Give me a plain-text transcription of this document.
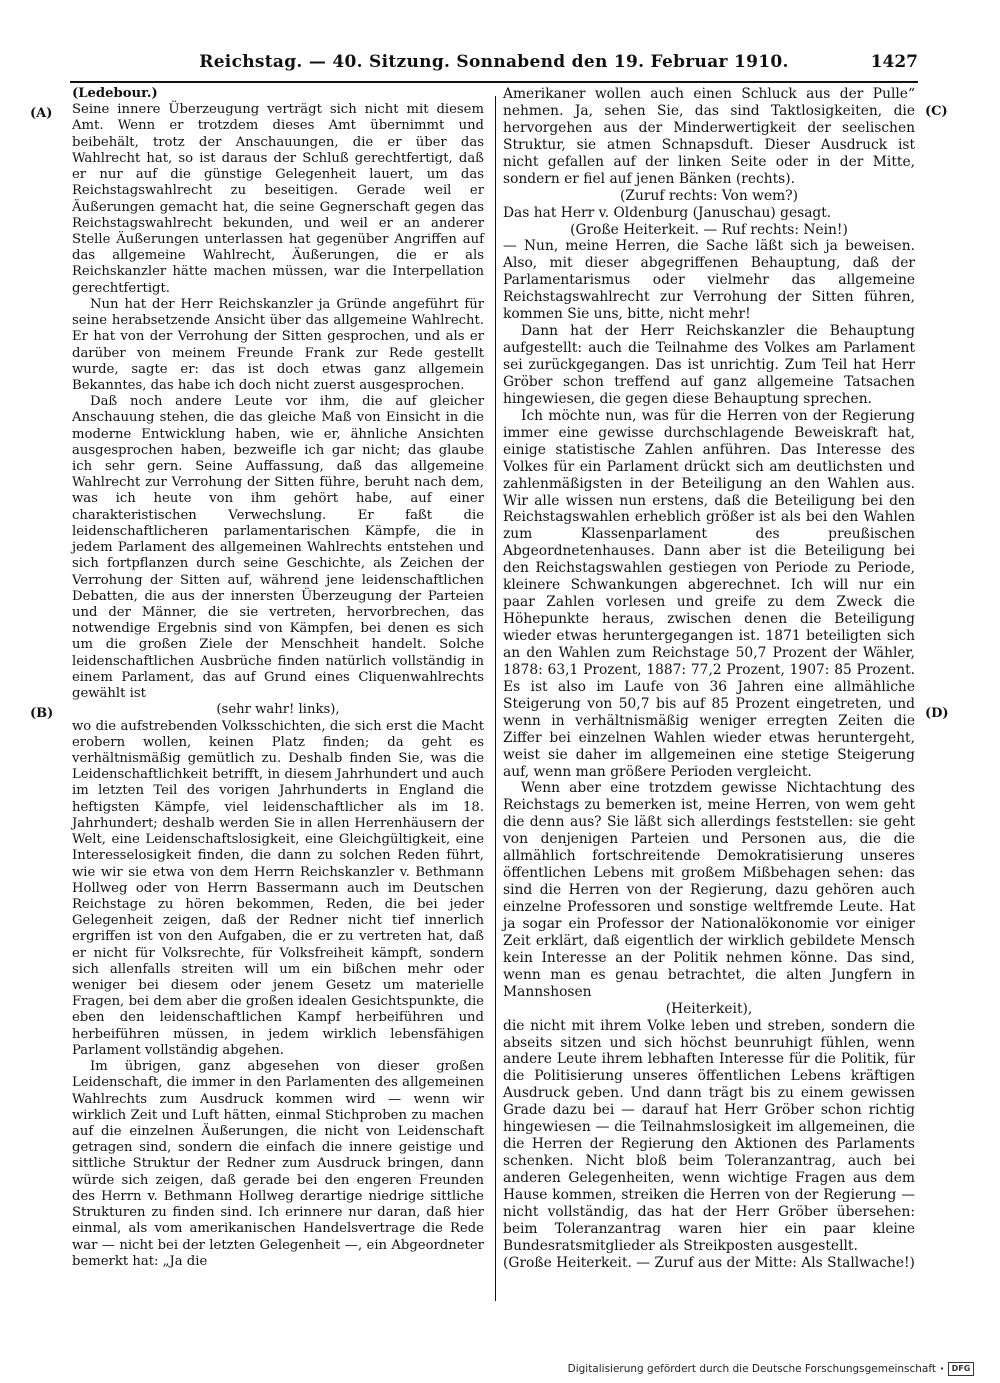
Reichstag. — 40. Sitzung. Sonnabend den 19. Februar 1910.	1427
(A)
(B)
(C)
(D)

(Ledebour.)

Seine innere Überzeugung verträgt sich nicht mit diesem Amt. Wenn er trotzdem dieses Amt übernimmt und beibehält, trotz der Anschauungen, die er über das Wahlrecht hat, so ist daraus der Schluß gerechtfertigt, daß er nur auf die günstige Gelegenheit lauert, um das Reichstagswahlrecht zu beseitigen. Gerade weil er Äußerungen gemacht hat, die seine Gegnerschaft gegen das Reichstagswahlrecht bekunden, und weil er an anderer Stelle Äußerungen unterlassen hat gegenüber Angriffen auf das allgemeine Wahlrecht, Äußerungen, die er als Reichskanzler hätte machen müssen, war die Interpellation gerechtfertigt.

Nun hat der Herr Reichskanzler ja Gründe angeführt für seine herabsetzende Ansicht über das allgemeine Wahlrecht. Er hat von der Verrohung der Sitten gesprochen, und als er darüber von meinem Freunde Frank zur Rede gestellt wurde, sagte er: das ist doch etwas ganz allgemein Bekanntes, das habe ich doch nicht zuerst ausgesprochen.

Daß noch andere Leute vor ihm, die auf gleicher Anschauung stehen, die das gleiche Maß von Einsicht in die moderne Entwicklung haben, wie er, ähnliche Ansichten ausgesprochen haben, bezweifle ich gar nicht; das glaube ich sehr gern. Seine Auffassung, daß das allgemeine Wahlrecht zur Verrohung der Sitten führe, beruht nach dem, was ich heute von ihm gehört habe, auf einer charakteristischen Verwechslung. Er faßt die leidenschaftlicheren parlamentarischen Kämpfe, die in jedem Parlament des allgemeinen Wahlrechts entstehen und sich fortpflanzen durch seine Geschichte, als Zeichen der Verrohung der Sitten auf, während jene leidenschaftlichen Debatten, die aus der innersten Überzeugung der Parteien und der Männer, die sie vertreten, hervorbrechen, das notwendige Ergebnis sind von Kämpfen, bei denen es sich um die großen Ziele der Menschheit handelt. Solche leidenschaftlichen Ausbrüche finden natürlich vollständig in einem Parlament, das auf Grund eines Cliquenwahlrechts gewählt ist

(sehr wahr! links),

wo die aufstrebenden Volksschichten, die sich erst die Macht erobern wollen, keinen Platz finden; da geht es verhältnismäßig gemütlich zu. Deshalb finden Sie, was die Leidenschaftlichkeit betrifft, in diesem Jahrhundert und auch im letzten Teil des vorigen Jahrhunderts in England die heftigsten Kämpfe, viel leidenschaftlicher als im 18. Jahrhundert; deshalb werden Sie in allen Herrenhäusern der Welt, eine Leidenschaftslosigkeit, eine Gleichgültigkeit, eine Interesselosigkeit finden, die dann zu solchen Reden führt, wie wir sie etwa von dem Herrn Reichskanzler v. Bethmann Hollweg oder von Herrn Bassermann auch im Deutschen Reichstage zu hören bekommen, Reden, die bei jeder Gelegenheit zeigen, daß der Redner nicht tief innerlich ergriffen ist von den Aufgaben, die er zu vertreten hat, daß er nicht für Volksrechte, für Volksfreiheit kämpft, sondern sich allenfalls streiten will um ein bißchen mehr oder weniger bei diesem oder jenem Gesetz um materielle Fragen, bei dem aber die großen idealen Gesichtspunkte, die eben den leidenschaftlichen Kampf herbeiführen und herbeiführen müssen, in jedem wirklich lebensfähigen Parlament vollständig abgehen.

Im übrigen, ganz abgesehen von dieser großen Leidenschaft, die immer in den Parlamenten des allgemeinen Wahlrechts zum Ausdruck kommen wird — wenn wir wirklich Zeit und Luft hätten, einmal Stichproben zu machen auf die einzelnen Äußerungen, die nicht von Leidenschaft getragen sind, sondern die einfach die innere geistige und sittliche Struktur der Redner zum Ausdruck bringen, dann würde sich zeigen, daß gerade bei den engeren Freunden des Herrn v. Bethmann Hollweg derartige niedrige sittliche Strukturen zu finden sind. Ich erinnere nur daran, daß hier einmal, als vom amerikanischen Handelsvertrage die Rede war — nicht bei der letzten Gelegenheit —, ein Abgeordneter bemerkt hat: „Ja die

Amerikaner wollen auch einen Schluck aus der Pulle“ nehmen. Ja, sehen Sie, das sind Taktlosigkeiten, die hervorgehen aus der Minderwertigkeit der seelischen Struktur, sie atmen Schnapsduft. Dieser Ausdruck ist nicht gefallen auf der linken Seite oder in der Mitte, sondern er fiel auf jenen Bänken (rechts).

(Zuruf rechts: Von wem?)

Das hat Herr v. Oldenburg (Januschau) gesagt.

(Große Heiterkeit. — Ruf rechts: Nein!)

— Nun, meine Herren, die Sache läßt sich ja beweisen. Also, mit dieser abgegriffenen Behauptung, daß der Parlamentarismus oder vielmehr das allgemeine Reichstagswahlrecht zur Verrohung der Sitten führen, kommen Sie uns, bitte, nicht mehr!

Dann hat der Herr Reichskanzler die Behauptung aufgestellt: auch die Teilnahme des Volkes am Parlament sei zurückgegangen. Das ist unrichtig. Zum Teil hat Herr Gröber schon treffend auf ganz allgemeine Tatsachen hingewiesen, die gegen diese Behauptung sprechen.

Ich möchte nun, was für die Herren von der Regierung immer eine gewisse durchschlagende Beweiskraft hat, einige statistische Zahlen anführen. Das Interesse des Volkes für ein Parlament drückt sich am deutlichsten und zahlenmäßigsten in der Beteiligung an den Wahlen aus. Wir alle wissen nun erstens, daß die Beteiligung bei den Reichstagswahlen erheblich größer ist als bei den Wahlen zum Klassenparlament des preußischen Abgeordnetenhauses. Dann aber ist die Beteiligung bei den Reichstagswahlen gestiegen von Periode zu Periode, kleinere Schwankungen abgerechnet. Ich will nur ein paar Zahlen vorlesen und greife zu dem Zweck die Höhepunkte heraus, zwischen denen die Beteiligung wieder etwas heruntergegangen ist. 1871 beteiligten sich an den Wahlen zum Reichstage 50,7 Prozent der Wähler, 1878: 63,1 Prozent, 1887: 77,2 Prozent, 1907: 85 Prozent. Es ist also im Laufe von 36 Jahren eine allmähliche Steigerung von 50,7 bis auf 85 Prozent eingetreten, und wenn in verhältnismäßig weniger erregten Zeiten die Ziffer bei einzelnen Wahlen wieder etwas heruntergeht, weist sie daher im allgemeinen eine stetige Steigerung auf, wenn man größere Perioden vergleicht.

Wenn aber eine trotzdem gewisse Nichtachtung des Reichstags zu bemerken ist, meine Herren, von wem geht die denn aus? Sie läßt sich allerdings feststellen: sie geht von denjenigen Parteien und Personen aus, die die allmählich fortschreitende Demokratisierung unseres öffentlichen Lebens mit großem Mißbehagen sehen: das sind die Herren von der Regierung, dazu gehören auch einzelne Professoren und sonstige weltfremde Leute. Hat ja sogar ein Professor der Nationalökonomie vor einiger Zeit erklärt, daß eigentlich der wirklich gebildete Mensch kein Interesse an der Politik nehmen könne. Das sind, wenn man es genau betrachtet, die alten Jungfern in Mannshosen

(Heiterkeit),

die nicht mit ihrem Volke leben und streben, sondern die abseits sitzen und sich höchst beunruhigt fühlen, wenn andere Leute ihrem lebhaften Interesse für die Politik, für die Politisierung unseres öffentlichen Lebens kräftigen Ausdruck geben. Und dann trägt bis zu einem gewissen Grade dazu bei — darauf hat Herr Gröber schon richtig hingewiesen — die Teilnahmslosigkeit im allgemeinen, die die Herren der Regierung den Aktionen des Parlaments schenken. Nicht bloß beim Toleranzantrag, auch bei anderen Gelegenheiten, wenn wichtige Fragen aus dem Hause kommen, streiken die Herren von der Regierung — nicht vollständig, das hat der Herr Gröber übersehen: beim Toleranzantrag waren hier ein paar kleine Bundesratsmitglieder als Streikposten ausgestellt.

(Große Heiterkeit. — Zuruf aus der Mitte: Als Stallwache!)

Digitalisierung gefördert durch die Deutsche Forschungsgemeinschaft · DFG
